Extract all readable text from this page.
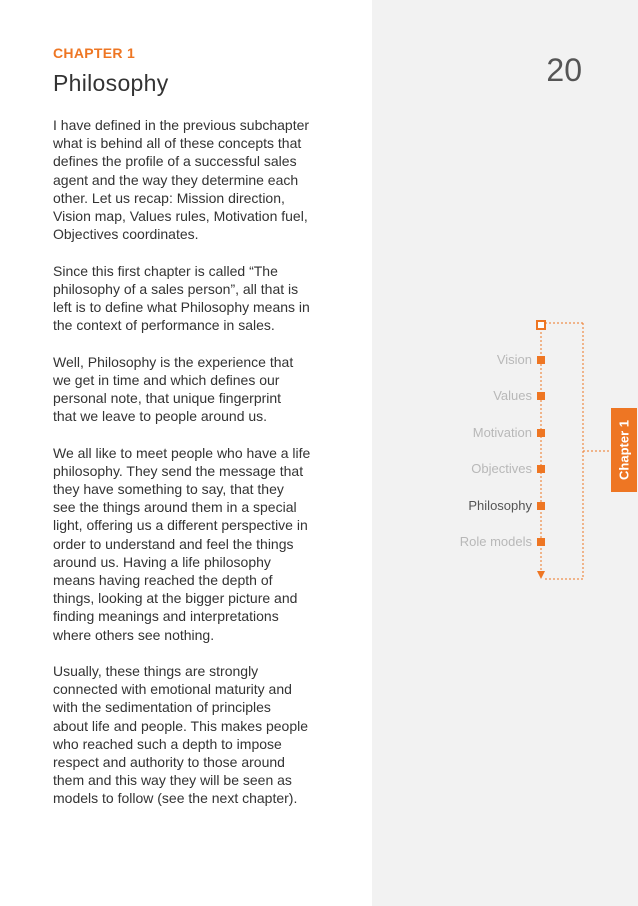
CHAPTER 1
Philosophy	20

I have defined in the previous subchapter
what is behind all of these concepts that
defines the profile of a successful sales
agent and the way they determine each
other. Let us recap: Mission direction,
Vision map, Values rules, Motivation fuel,
Objectives coordinates.

Since this first chapter is called “The
philosophy of a sales person”, all that is
left is to define what Philosophy means in
the context of performance in sales.

Well, Philosophy is the experience that
we get in time and which defines our
personal note, that unique fingerprint
that we leave to people around us.

We all like to meet people who have a life
philosophy. They send the message that
they have something to say, that they
see the things around them in a special
light, offering us a different perspective in
order to understand and feel the things
around us. Having a life philosophy
means having reached the depth of
things, looking at the bigger picture and
finding meanings and interpretations
where others see nothing.

Usually, these things are strongly
connected with emotional maturity and
with the sedimentation of principles
about life and people. This makes people
who reached such a depth to impose
respect and authority to those around
them and this way they will be seen as
models to follow (see the next chapter).

Vision
Values
Motivation
Objectives
Philosophy
Role models
Chapter 1
